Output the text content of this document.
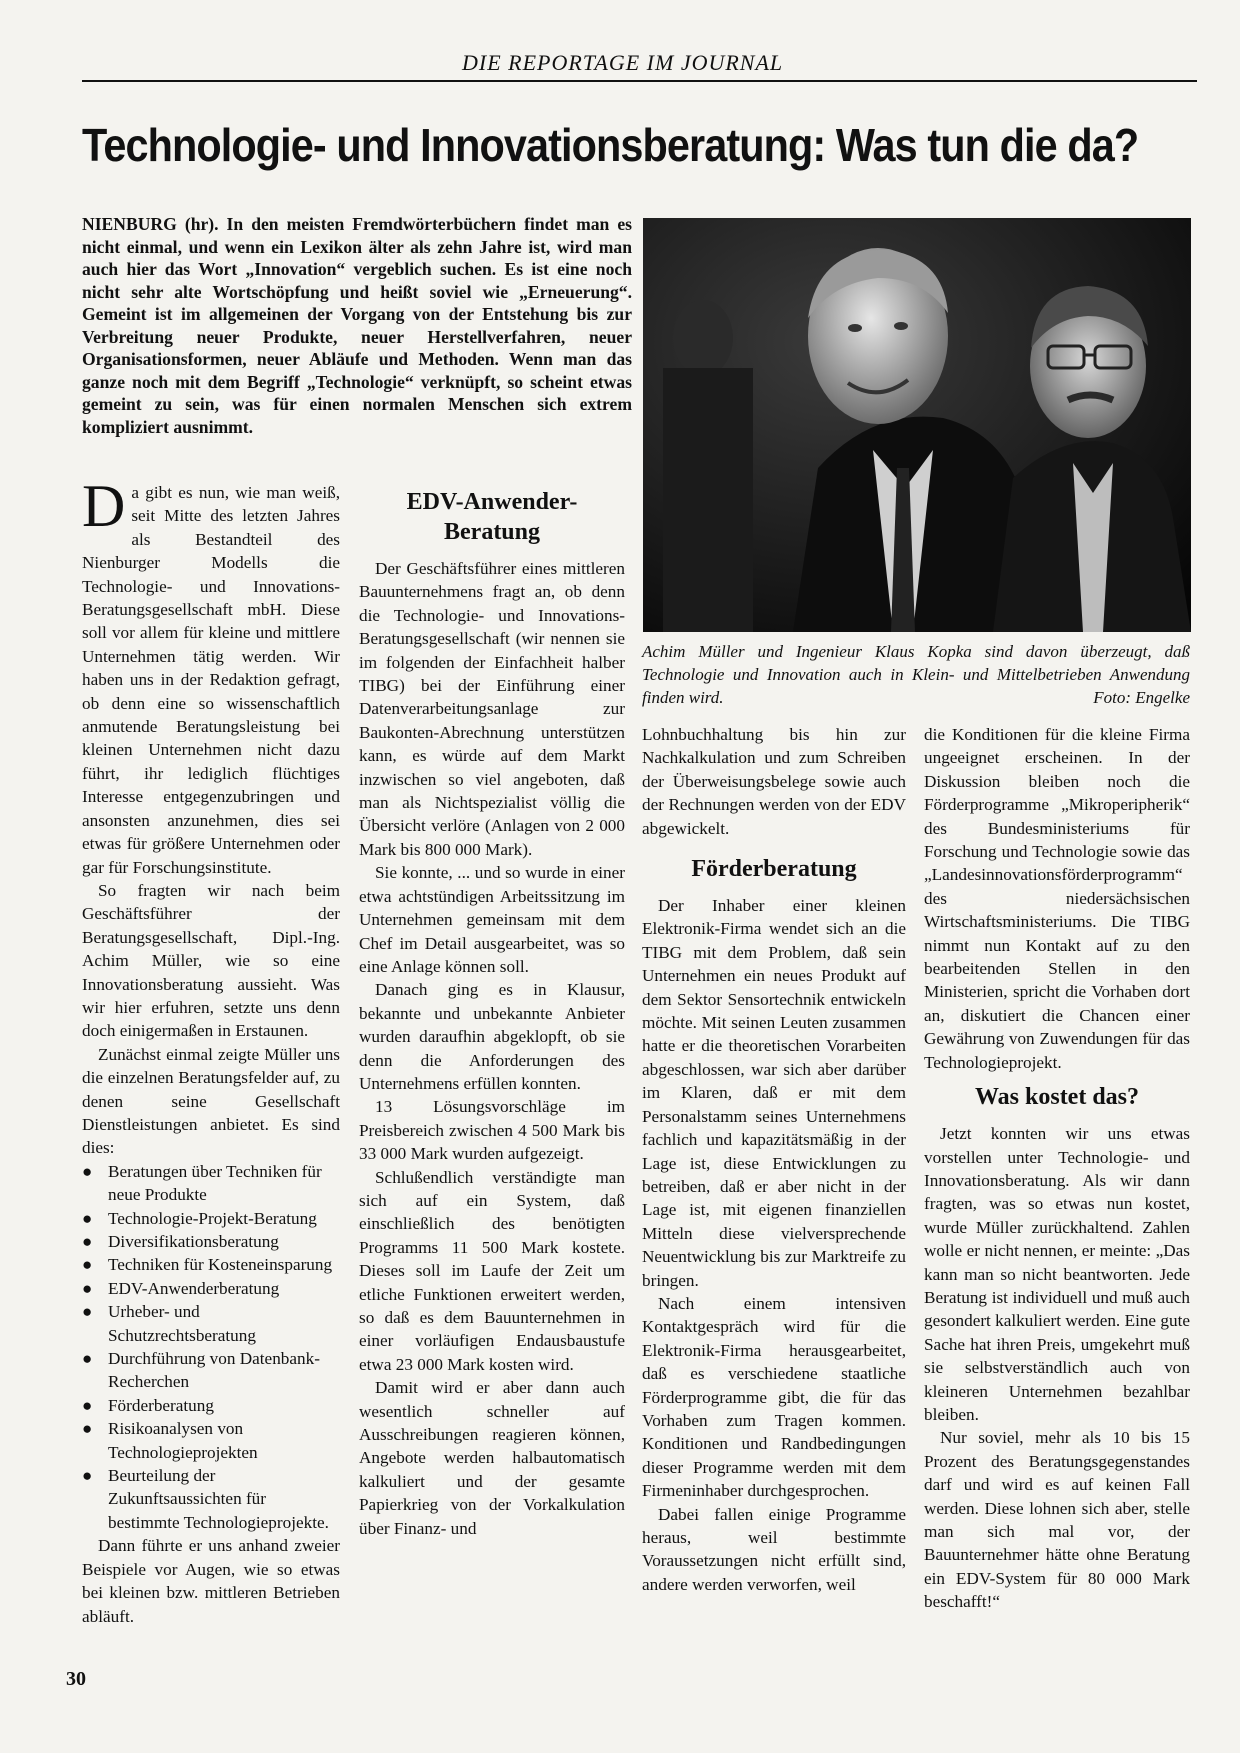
DIE REPORTAGE IM JOURNAL
Technologie- und Innovationsberatung: Was tun die da?

NIENBURG (hr). In den meisten Fremdwörterbüchern findet man es nicht einmal, und wenn ein Lexikon älter als zehn Jahre ist, wird man auch hier das Wort „Innovation“ vergeblich suchen. Es ist eine noch nicht sehr alte Wortschöpfung und heißt soviel wie „Erneuerung“. Gemeint ist im allgemeinen der Vorgang von der Entstehung bis zur Verbreitung neuer Produkte, neuer Herstellverfahren, neuer Organisationsformen, neuer Abläufe und Methoden. Wenn man das ganze noch mit dem Begriff „Technologie“ verknüpft, so scheint etwas gemeint zu sein, was für einen normalen Menschen sich extrem kompliziert ausnimmt.

Achim Müller und Ingenieur Klaus Kopka sind davon überzeugt, daß Technologie und Innovation auch in Klein- und Mittelbetrieben Anwendung finden wird.	Foto: Engelke

Da gibt es nun, wie man weiß, seit Mitte des letzten Jahres als Bestandteil des Nienburger Modells die Technologie- und Innovations-Beratungsgesellschaft mbH. Diese soll vor allem für kleine und mittlere Unternehmen tätig werden. Wir haben uns in der Redaktion gefragt, ob denn eine so wissenschaftlich anmutende Beratungsleistung bei kleinen Unternehmen nicht dazu führt, ihr lediglich flüchtiges Interesse entgegenzubringen und ansonsten anzunehmen, dies sei etwas für größere Unternehmen oder gar für Forschungsinstitute.

So fragten wir nach beim Geschäftsführer der Beratungsgesellschaft, Dipl.-Ing. Achim Müller, wie so eine Innovationsberatung aussieht. Was wir hier erfuhren, setzte uns denn doch einigermaßen in Erstaunen.

Zunächst einmal zeigte Müller uns die einzelnen Beratungsfelder auf, zu denen seine Gesellschaft Dienstleistungen anbietet. Es sind dies:

● Beratungen über Techniken für neue Produkte
● Technologie-Projekt-Beratung
● Diversifikationsberatung
● Techniken für Kosteneinsparung
● EDV-Anwenderberatung
● Urheber- und Schutzrechtsberatung
● Durchführung von Datenbank-Recherchen
● Förderberatung
● Risikoanalysen von Technologieprojekten
● Beurteilung der Zukunftsaussichten für bestimmte Technologieprojekte.

Dann führte er uns anhand zweier Beispiele vor Augen, wie so etwas bei kleinen bzw. mittleren Betrieben abläuft.

EDV-Anwender-Beratung

Der Geschäftsführer eines mittleren Bauunternehmens fragt an, ob denn die Technologie- und Innovations-Beratungsgesellschaft (wir nennen sie im folgenden der Einfachheit halber TIBG) bei der Einführung einer Datenverarbeitungsanlage zur Baukonten-Abrechnung unterstützen kann, es würde auf dem Markt inzwischen so viel angeboten, daß man als Nichtspezialist völlig die Übersicht verlöre (Anlagen von 2 000 Mark bis 800 000 Mark).

Sie konnte, ... und so wurde in einer etwa achtstündigen Arbeitssitzung im Unternehmen gemeinsam mit dem Chef im Detail ausgearbeitet, was so eine Anlage können soll.

Danach ging es in Klausur, bekannte und unbekannte Anbieter wurden daraufhin abgeklopft, ob sie denn die Anforderungen des Unternehmens erfüllen konnten.

13 Lösungsvorschläge im Preisbereich zwischen 4 500 Mark bis 33 000 Mark wurden aufgezeigt.

Schlußendlich verständigte man sich auf ein System, daß einschließlich des benötigten Programms 11 500 Mark kostete. Dieses soll im Laufe der Zeit um etliche Funktionen erweitert werden, so daß es dem Bauunternehmen in einer vorläufigen Endausbaustufe etwa 23 000 Mark kosten wird.

Damit wird er aber dann auch wesentlich schneller auf Ausschreibungen reagieren können, Angebote werden halbautomatisch kalkuliert und der gesamte Papierkrieg von der Vorkalkulation über Finanz- und

Lohnbuchhaltung bis hin zur Nachkalkulation und zum Schreiben der Überweisungsbelege sowie auch der Rechnungen werden von der EDV abgewickelt.

Förderberatung

Der Inhaber einer kleinen Elektronik-Firma wendet sich an die TIBG mit dem Problem, daß sein Unternehmen ein neues Produkt auf dem Sektor Sensortechnik entwickeln möchte. Mit seinen Leuten zusammen hatte er die theoretischen Vorarbeiten abgeschlossen, war sich aber darüber im Klaren, daß er mit dem Personalstamm seines Unternehmens fachlich und kapazitätsmäßig in der Lage ist, diese Entwicklungen zu betreiben, daß er aber nicht in der Lage ist, mit eigenen finanziellen Mitteln diese vielversprechende Neuentwicklung bis zur Marktreife zu bringen.

Nach einem intensiven Kontaktgespräch wird für die Elektronik-Firma herausgearbeitet, daß es verschiedene staatliche Förderprogramme gibt, die für das Vorhaben zum Tragen kommen. Konditionen und Randbedingungen dieser Programme werden mit dem Firmeninhaber durchgesprochen.

Dabei fallen einige Programme heraus, weil bestimmte Voraussetzungen nicht erfüllt sind, andere werden verworfen, weil

die Konditionen für die kleine Firma ungeeignet erscheinen. In der Diskussion bleiben noch die Förderprogramme „Mikroperipherik“ des Bundesministeriums für Forschung und Technologie sowie das „Landesinnovationsförderprogramm“ des niedersächsischen Wirtschaftsministeriums. Die TIBG nimmt nun Kontakt auf zu den bearbeitenden Stellen in den Ministerien, spricht die Vorhaben dort an, diskutiert die Chancen einer Gewährung von Zuwendungen für das Technologieprojekt.

Was kostet das?

Jetzt konnten wir uns etwas vorstellen unter Technologie- und Innovationsberatung. Als wir dann fragten, was so etwas nun kostet, wurde Müller zurückhaltend. Zahlen wolle er nicht nennen, er meinte: „Das kann man so nicht beantworten. Jede Beratung ist individuell und muß auch gesondert kalkuliert werden. Eine gute Sache hat ihren Preis, umgekehrt muß sie selbstverständlich auch von kleineren Unternehmen bezahlbar bleiben.

Nur soviel, mehr als 10 bis 15 Prozent des Beratungsgegenstandes darf und wird es auf keinen Fall werden. Diese lohnen sich aber, stelle man sich mal vor, der Bauunternehmer hätte ohne Beratung ein EDV-System für 80 000 Mark beschafft!“

30
